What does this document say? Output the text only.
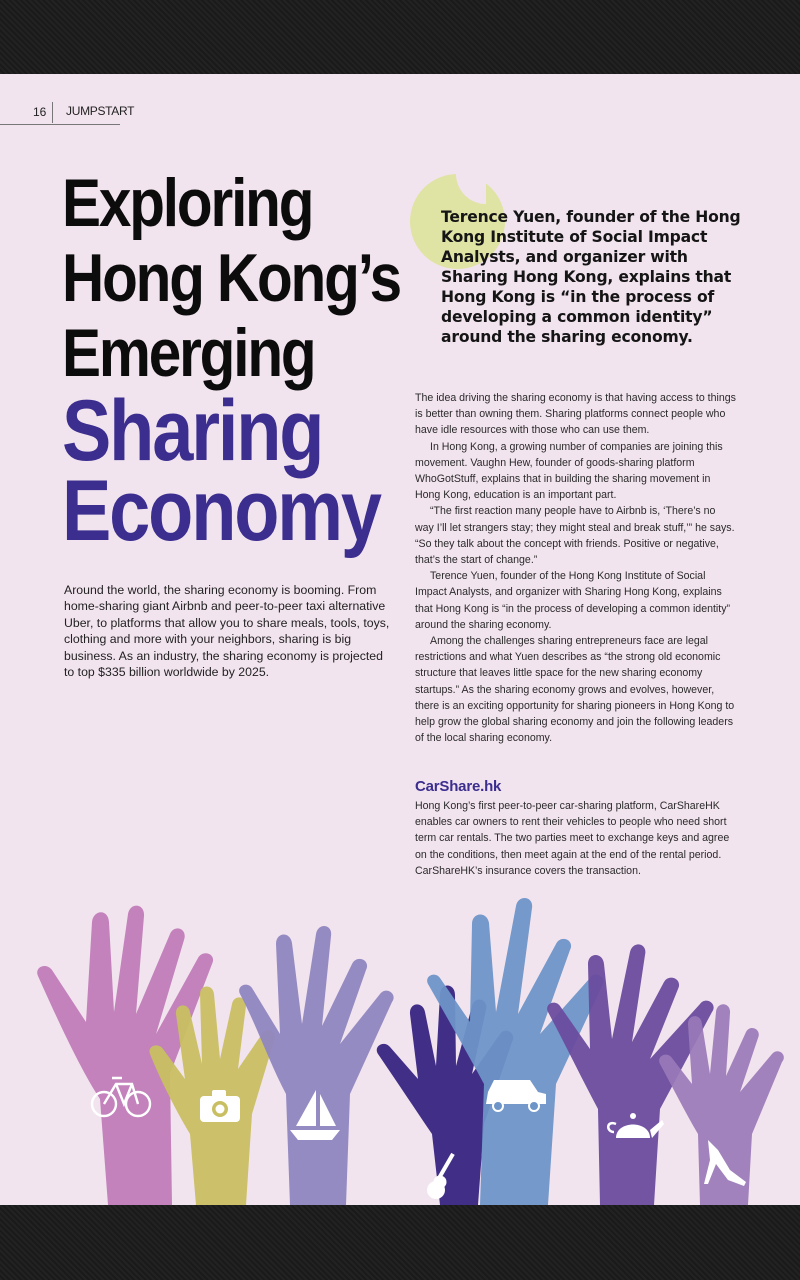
16 JUMPSTART
Exploring
Hong Kong’s
Emerging
Sharing
Economy
Around the world, the sharing economy is booming. From home-sharing giant Airbnb and peer-to-peer taxi alternative Uber, to platforms that allow you to share meals, tools, toys, clothing and more with your neighbors, sharing is big business. As an industry, the sharing economy is projected to top $335 billion worldwide by 2025.
Terence Yuen, founder of the Hong Kong Institute of Social Impact Analysts, and organizer with Sharing Hong Kong, explains that Hong Kong is “in the process of developing a common identity” around the sharing economy.

The idea driving the sharing economy is that having access to things is better than owning them. Sharing platforms connect people who have idle resources with those who can use them.

In Hong Kong, a growing number of companies are joining this movement. Vaughn Hew, founder of goods-sharing platform WhoGotStuff, explains that in building the sharing movement in Hong Kong, education is an important part.

“The first reaction many people have to Airbnb is, ‘There’s no way I’ll let strangers stay; they might steal and break stuff,’” he says. “So they talk about the concept with friends. Positive or negative, that’s the start of change.”

Terence Yuen, founder of the Hong Kong Institute of Social Impact Analysts, and organizer with Sharing Hong Kong, explains that Hong Kong is “in the process of developing a common identity” around the sharing economy.

Among the challenges sharing entrepreneurs face are legal restrictions and what Yuen describes as “the strong old economic structure that leaves little space for the new sharing economy startups.” As the sharing economy grows and evolves, however, there is an exciting opportunity for sharing pioneers in Hong Kong to help grow the global sharing economy and join the following leaders of the local sharing economy.

CarShare.hk
Hong Kong’s first peer-to-peer car-sharing platform, CarShareHK enables car owners to rent their vehicles to people who need short term car rentals. The two parties meet to exchange keys and agree on the conditions, then meet again at the end of the rental period. CarShareHK’s insurance covers the transaction.
